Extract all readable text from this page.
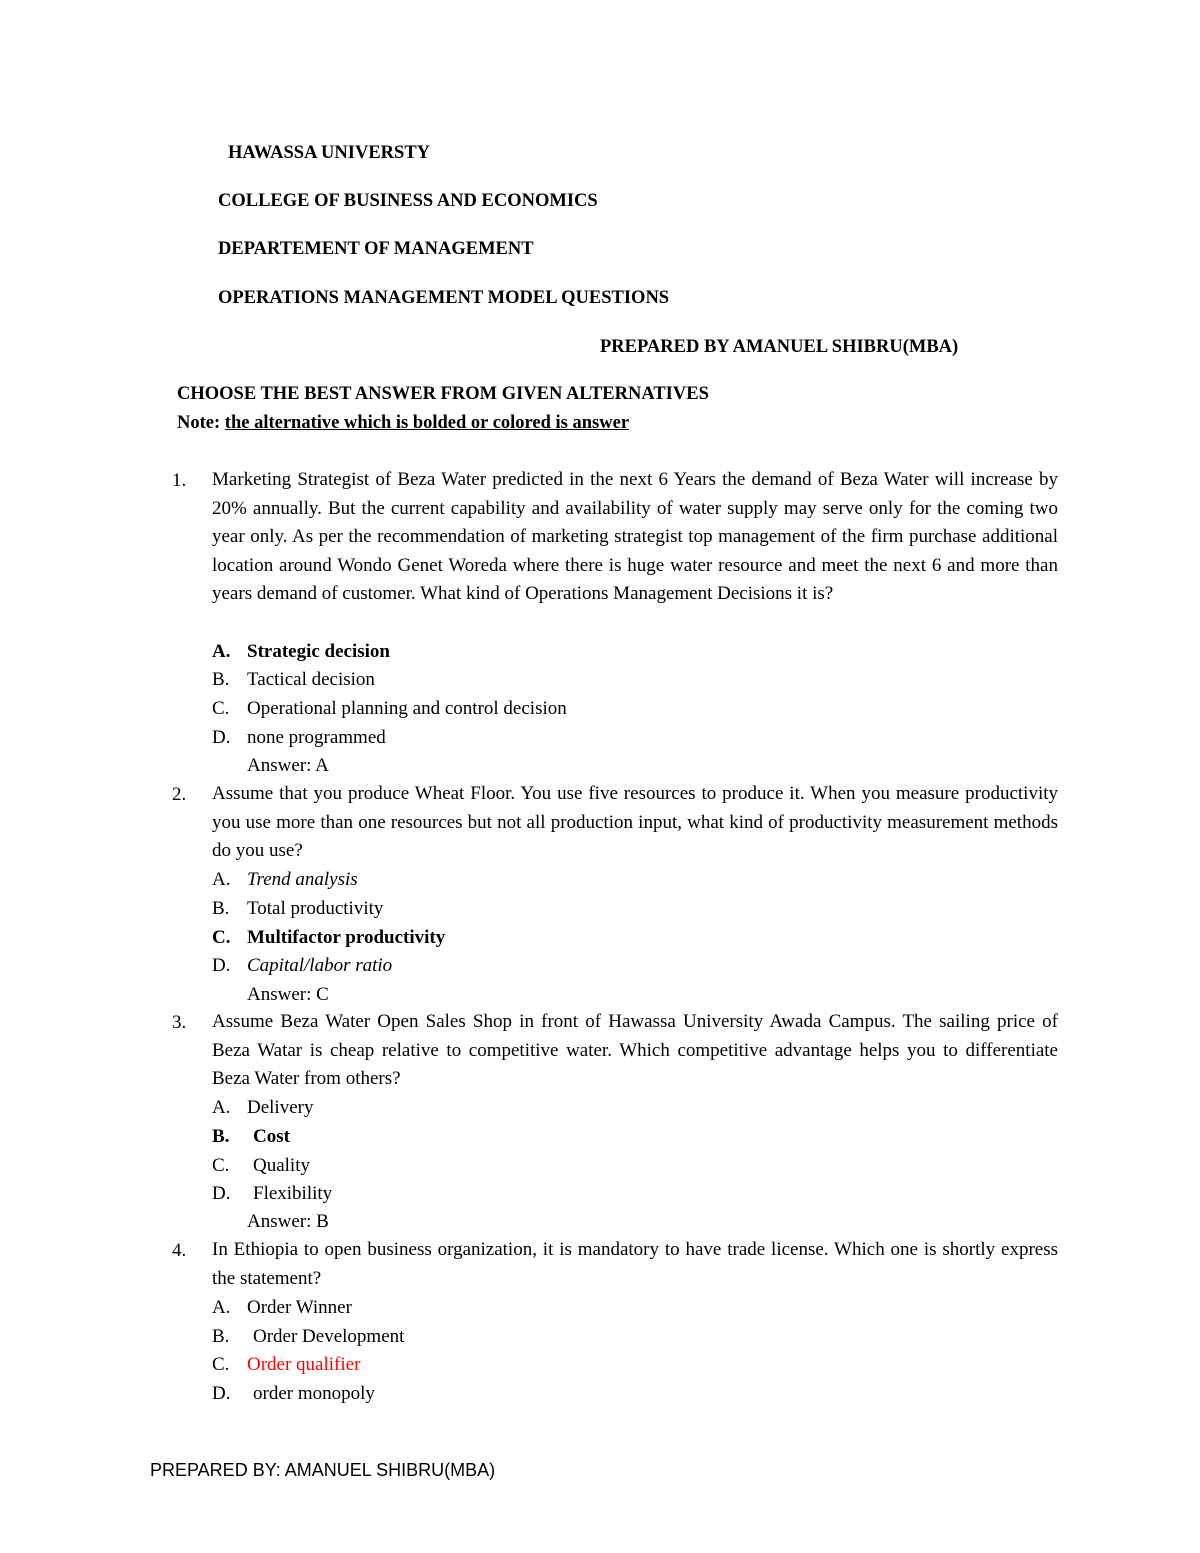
HAWASSA UNIVERSTY
COLLEGE OF BUSINESS AND ECONOMICS
DEPARTEMENT OF MANAGEMENT
OPERATIONS MANAGEMENT MODEL QUESTIONS
PREPARED BY AMANUEL SHIBRU(MBA)
CHOOSE THE BEST ANSWER FROM GIVEN ALTERNATIVES
Note: the alternative which is bolded or colored is answer
1. Marketing Strategist of Beza Water predicted in the next 6 Years the demand of Beza Water will increase by 20% annually. But the current capability and availability of water supply may serve only for the coming two year only. As per the recommendation of marketing strategist top management of the firm purchase additional location around Wondo Genet Woreda where there is huge water resource and meet the next 6 and more than years demand of customer. What kind of Operations Management Decisions it is?
A. Strategic decision
B. Tactical decision
C. Operational planning and control decision
D. none programmed
Answer: A
2. Assume that you produce Wheat Floor. You use five resources to produce it. When you measure productivity you use more than one resources but not all production input, what kind of productivity measurement methods do you use?
A. Trend analysis
B. Total productivity
C. Multifactor productivity
D. Capital/labor ratio
Answer: C
3. Assume Beza Water Open Sales Shop in front of Hawassa University Awada Campus. The sailing price of Beza Watar is cheap relative to competitive water. Which competitive advantage helps you to differentiate Beza Water from others?
A. Delivery
B. Cost
C. Quality
D. Flexibility
Answer: B
4. In Ethiopia to open business organization, it is mandatory to have trade license. Which one is shortly express the statement?
A. Order Winner
B. Order Development
C. Order qualifier
D. order monopoly
PREPARED BY: AMANUEL SHIBRU(MBA)
